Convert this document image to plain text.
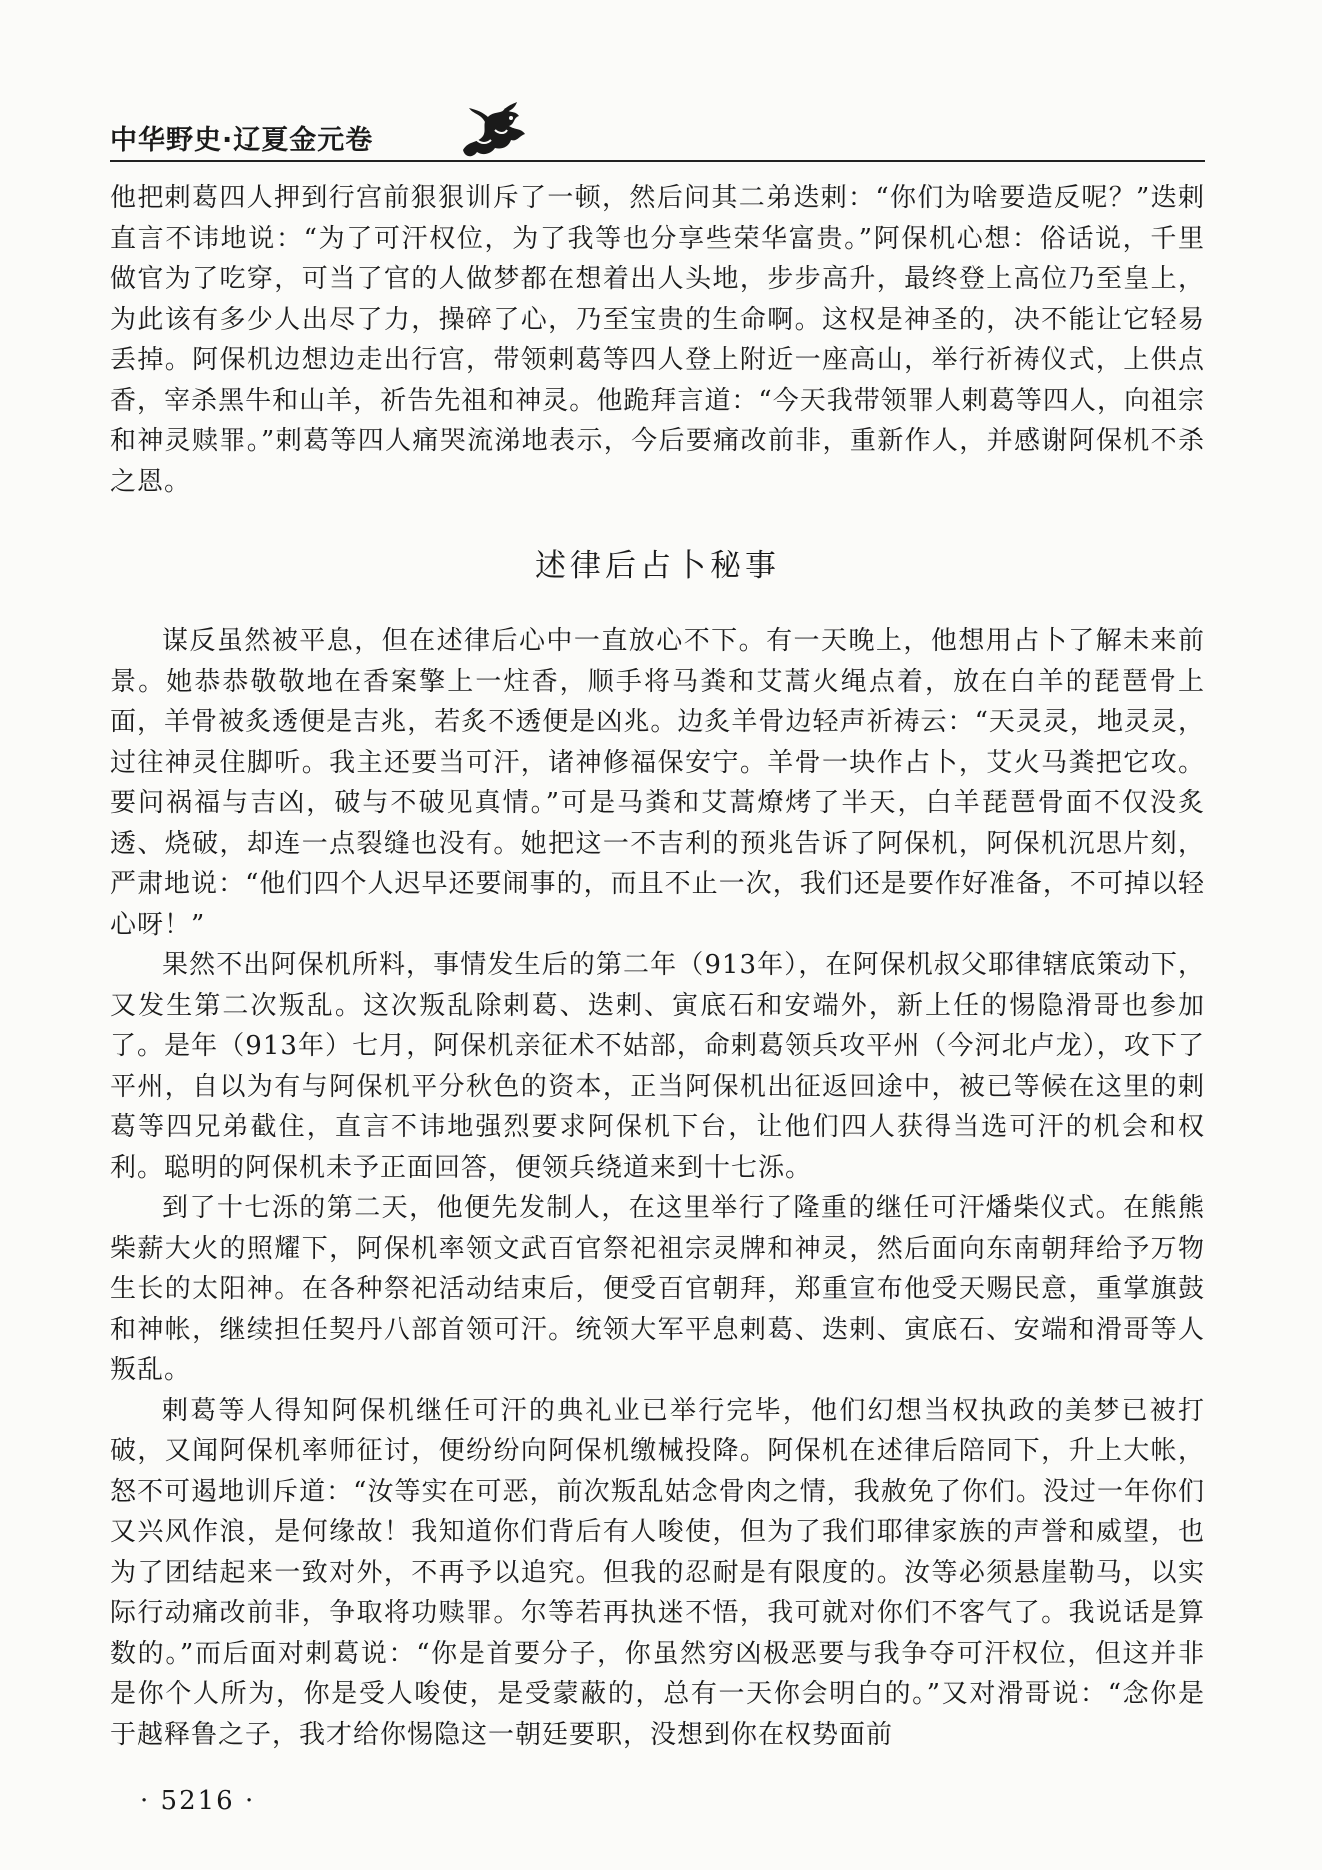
中华野史·辽夏金元卷

他把剌葛四人押到行宫前狠狠训斥了一顿，然后问其二弟迭剌：“你们为啥要造反呢？”迭剌直言不讳地说：“为了可汗权位，为了我等也分享些荣华富贵。”阿保机心想：俗话说，千里做官为了吃穿，可当了官的人做梦都在想着出人头地，步步高升，最终登上高位乃至皇上，为此该有多少人出尽了力，操碎了心，乃至宝贵的生命啊。这权是神圣的，决不能让它轻易丢掉。阿保机边想边走出行宫，带领剌葛等四人登上附近一座高山，举行祈祷仪式，上供点香，宰杀黑牛和山羊，祈告先祖和神灵。他跪拜言道：“今天我带领罪人剌葛等四人，向祖宗和神灵赎罪。”剌葛等四人痛哭流涕地表示，今后要痛改前非，重新作人，并感谢阿保机不杀之恩。

述律后占卜秘事

谋反虽然被平息，但在述律后心中一直放心不下。有一天晚上，他想用占卜了解未来前景。她恭恭敬敬地在香案擎上一炷香，顺手将马粪和艾蒿火绳点着，放在白羊的琵琶骨上面，羊骨被炙透便是吉兆，若炙不透便是凶兆。边炙羊骨边轻声祈祷云：“天灵灵，地灵灵，过往神灵住脚听。我主还要当可汗，诸神修福保安宁。羊骨一块作占卜，艾火马粪把它攻。要问祸福与吉凶，破与不破见真情。”可是马粪和艾蒿燎烤了半天，白羊琵琶骨面不仅没炙透、烧破，却连一点裂缝也没有。她把这一不吉利的预兆告诉了阿保机，阿保机沉思片刻，严肃地说：“他们四个人迟早还要闹事的，而且不止一次，我们还是要作好准备，不可掉以轻心呀！”

果然不出阿保机所料，事情发生后的第二年（913年），在阿保机叔父耶律辖底策动下，又发生第二次叛乱。这次叛乱除剌葛、迭剌、寅底石和安端外，新上任的惕隐滑哥也参加了。是年（913年）七月，阿保机亲征术不姑部，命剌葛领兵攻平州（今河北卢龙），攻下了平州，自以为有与阿保机平分秋色的资本，正当阿保机出征返回途中，被已等候在这里的剌葛等四兄弟截住，直言不讳地强烈要求阿保机下台，让他们四人获得当选可汗的机会和权利。聪明的阿保机未予正面回答，便领兵绕道来到十七泺。

到了十七泺的第二天，他便先发制人，在这里举行了隆重的继任可汗燔柴仪式。在熊熊柴薪大火的照耀下，阿保机率领文武百官祭祀祖宗灵牌和神灵，然后面向东南朝拜给予万物生长的太阳神。在各种祭祀活动结束后，便受百官朝拜，郑重宣布他受天赐民意，重掌旗鼓和神帐，继续担任契丹八部首领可汗。统领大军平息剌葛、迭剌、寅底石、安端和滑哥等人叛乱。

剌葛等人得知阿保机继任可汗的典礼业已举行完毕，他们幻想当权执政的美梦已被打破，又闻阿保机率师征讨，便纷纷向阿保机缴械投降。阿保机在述律后陪同下，升上大帐，怒不可遏地训斥道：“汝等实在可恶，前次叛乱姑念骨肉之情，我赦免了你们。没过一年你们又兴风作浪，是何缘故！我知道你们背后有人唆使，但为了我们耶律家族的声誉和威望，也为了团结起来一致对外，不再予以追究。但我的忍耐是有限度的。汝等必须悬崖勒马，以实际行动痛改前非，争取将功赎罪。尔等若再执迷不悟，我可就对你们不客气了。我说话是算数的。”而后面对剌葛说：“你是首要分子，你虽然穷凶极恶要与我争夺可汗权位，但这并非是你个人所为，你是受人唆使，是受蒙蔽的，总有一天你会明白的。”又对滑哥说：“念你是于越释鲁之子，我才给你惕隐这一朝廷要职，没想到你在权势面前

· 5216 ·
